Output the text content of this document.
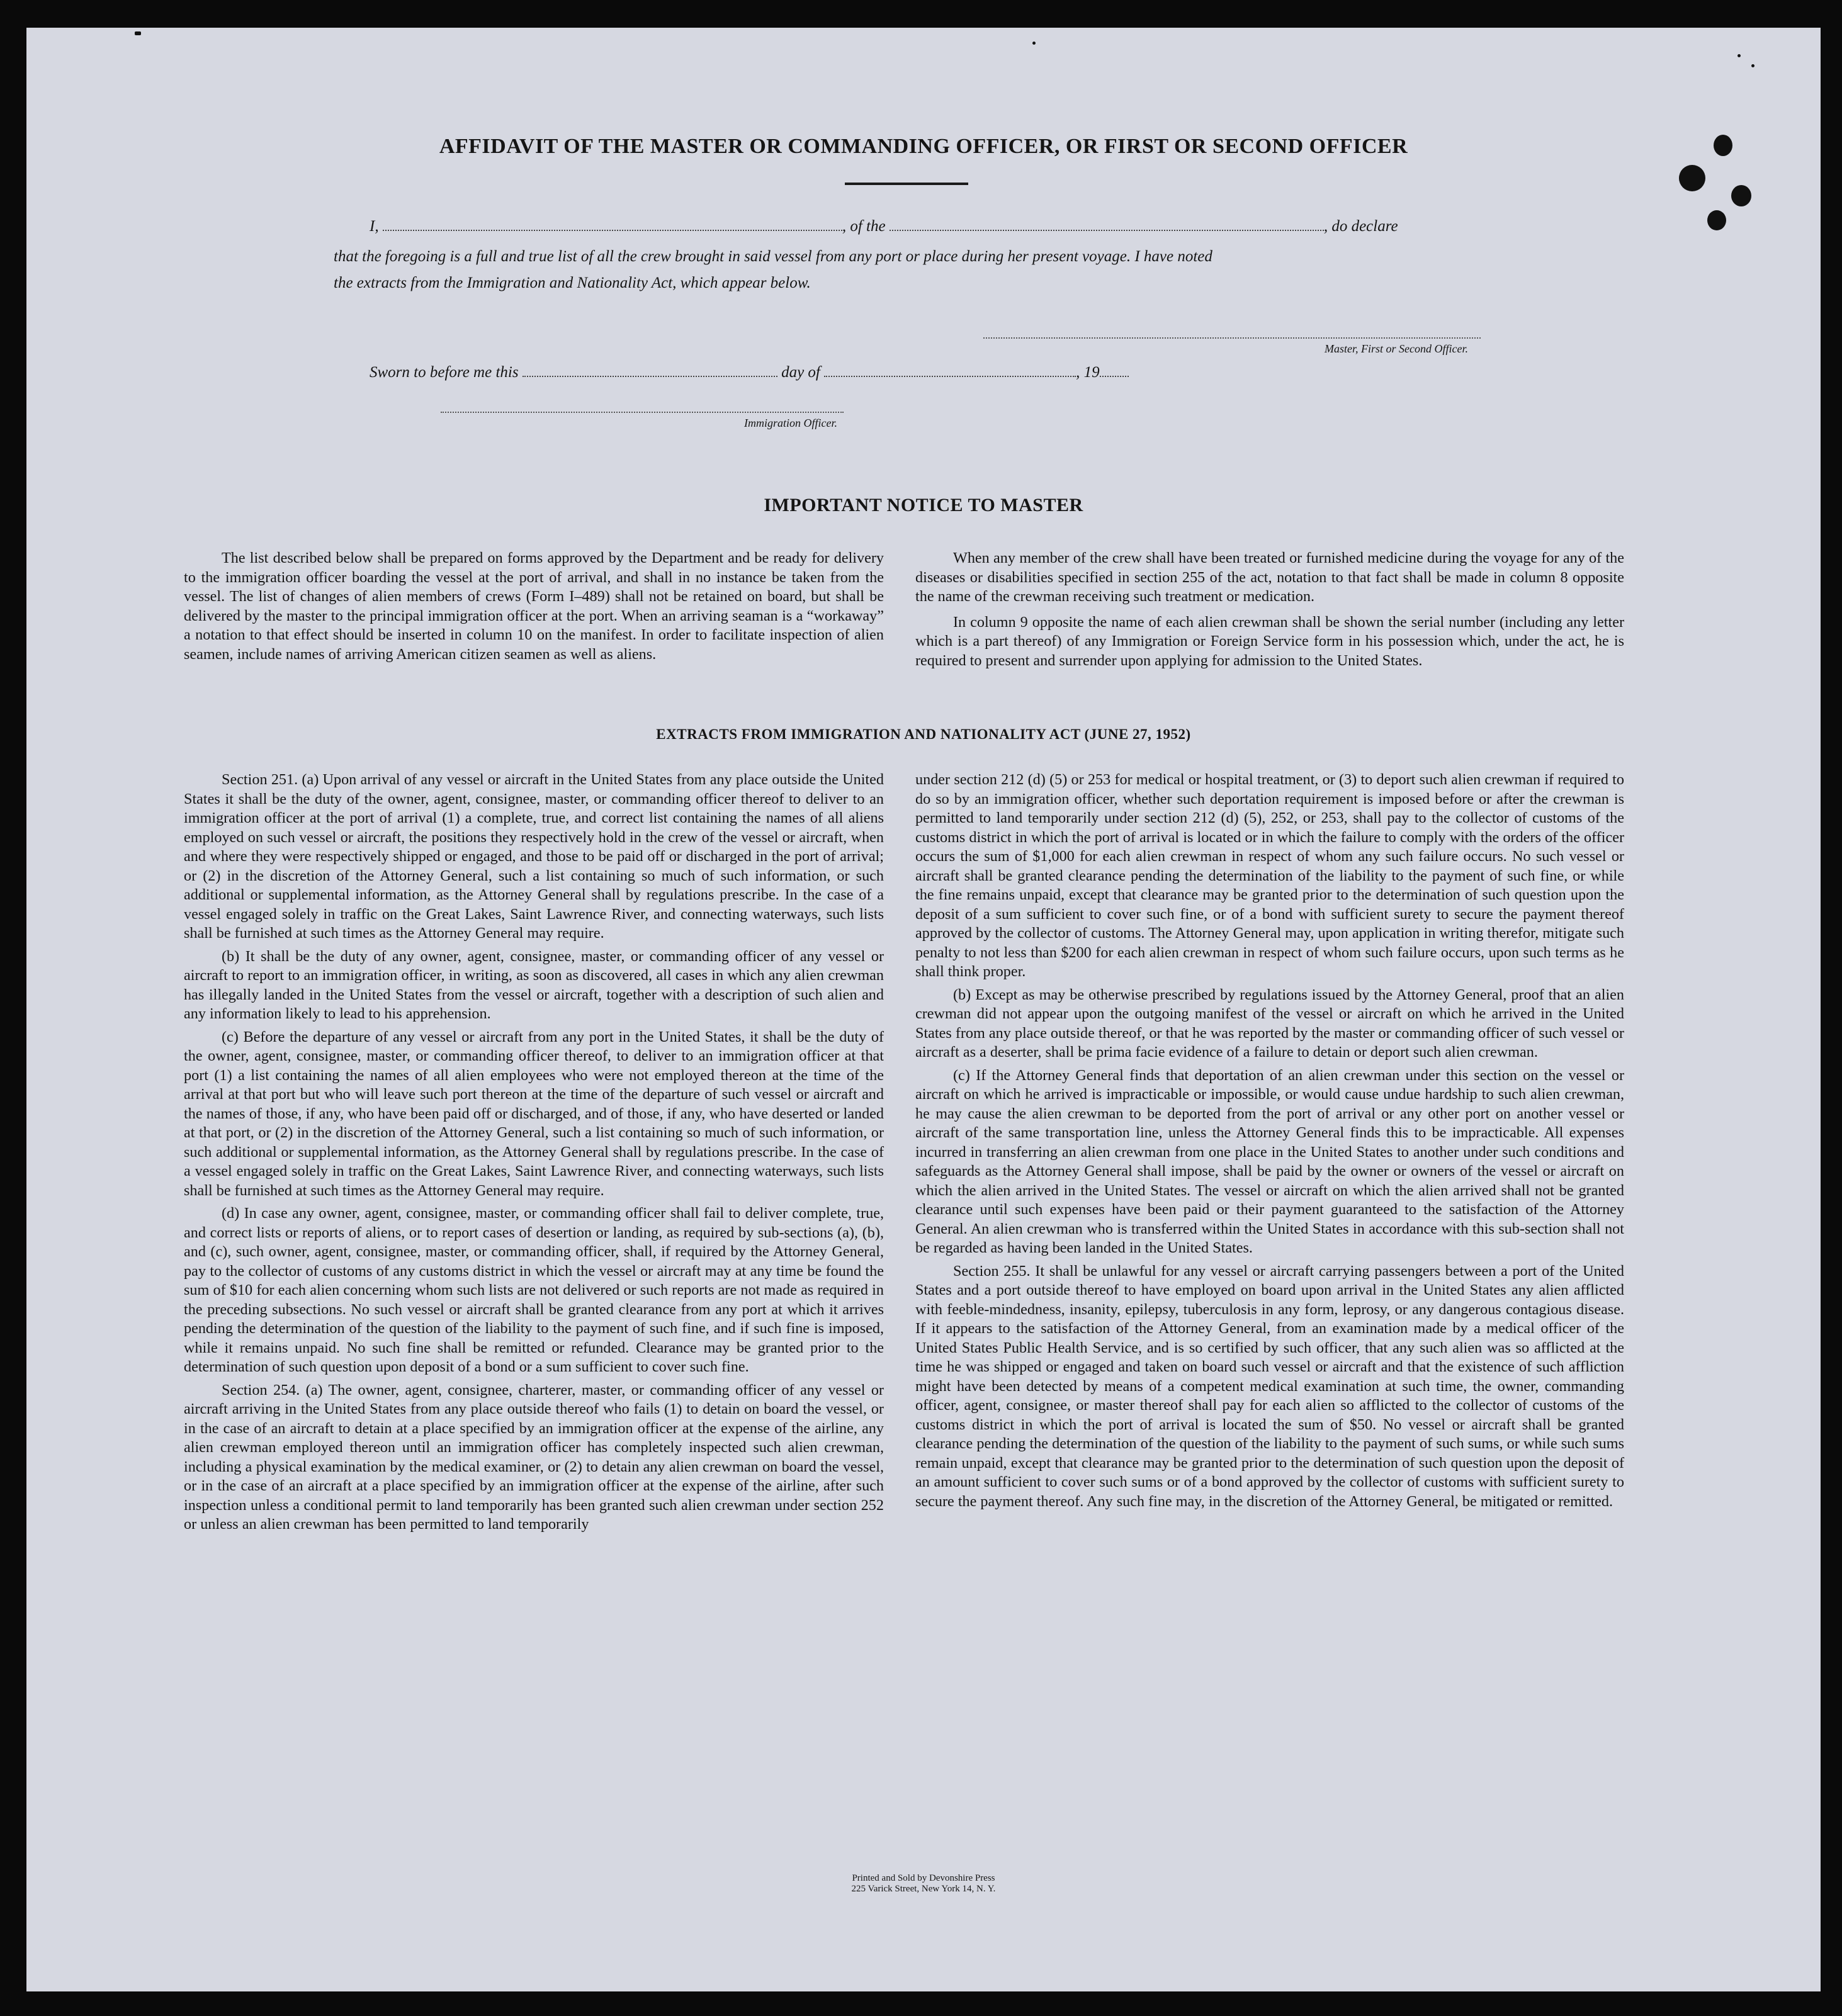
AFFIDAVIT OF THE MASTER OR COMMANDING OFFICER, OR FIRST OR SECOND OFFICER
I,	, of the	, do declare
that the foregoing is a full and true list of all the crew brought in said vessel from any port or place during her present voyage. I have noted
the extracts from the Immigration and Nationality Act, which appear below.
Master, First or Second Officer.
Sworn to before me this	day of	, 19
Immigration Officer.
IMPORTANT NOTICE TO MASTER

The list described below shall be prepared on forms approved by the Department and be ready for delivery to the immigration officer boarding the vessel at the port of arrival, and shall in no instance be taken from the vessel. The list of changes of alien members of crews (Form I–489) shall not be retained on board, but shall be delivered by the master to the principal immigration officer at the port. When an arriving seaman is a “workaway” a notation to that effect should be inserted in column 10 on the manifest. In order to facilitate inspection of alien seamen, include names of arriving American citizen seamen as well as aliens.

When any member of the crew shall have been treated or furnished medicine during the voyage for any of the diseases or disabilities specified in section 255 of the act, notation to that fact shall be made in column 8 opposite the name of the crewman receiving such treatment or medication.

In column 9 opposite the name of each alien crewman shall be shown the serial number (including any letter which is a part thereof) of any Immigration or Foreign Service form in his possession which, under the act, he is required to present and surrender upon applying for admission to the United States.

EXTRACTS FROM IMMIGRATION AND NATIONALITY ACT (JUNE 27, 1952)

Section 251. (a) Upon arrival of any vessel or aircraft in the United States from any place outside the United States it shall be the duty of the owner, agent, consignee, master, or commanding officer thereof to deliver to an immigration officer at the port of arrival (1) a complete, true, and correct list containing the names of all aliens employed on such vessel or aircraft, the positions they respectively hold in the crew of the vessel or aircraft, when and where they were respectively shipped or engaged, and those to be paid off or discharged in the port of arrival; or (2) in the discretion of the Attorney General, such a list containing so much of such information, or such additional or supplemental information, as the Attorney General shall by regulations prescribe. In the case of a vessel engaged solely in traffic on the Great Lakes, Saint Lawrence River, and connecting waterways, such lists shall be furnished at such times as the Attorney General may require.

(b) It shall be the duty of any owner, agent, consignee, master, or commanding officer of any vessel or aircraft to report to an immigration officer, in writing, as soon as discovered, all cases in which any alien crewman has illegally landed in the United States from the vessel or aircraft, together with a description of such alien and any information likely to lead to his apprehension.

(c) Before the departure of any vessel or aircraft from any port in the United States, it shall be the duty of the owner, agent, consignee, master, or commanding officer thereof, to deliver to an immigration officer at that port (1) a list containing the names of all alien employees who were not employed thereon at the time of the arrival at that port but who will leave such port thereon at the time of the departure of such vessel or aircraft and the names of those, if any, who have been paid off or discharged, and of those, if any, who have deserted or landed at that port, or (2) in the discretion of the Attorney General, such a list containing so much of such information, or such additional or supplemental information, as the Attorney General shall by regulations prescribe. In the case of a vessel engaged solely in traffic on the Great Lakes, Saint Lawrence River, and connecting waterways, such lists shall be furnished at such times as the Attorney General may require.

(d) In case any owner, agent, consignee, master, or commanding officer shall fail to deliver complete, true, and correct lists or reports of aliens, or to report cases of desertion or landing, as required by sub-sections (a), (b), and (c), such owner, agent, consignee, master, or commanding officer, shall, if required by the Attorney General, pay to the collector of customs of any customs district in which the vessel or aircraft may at any time be found the sum of $10 for each alien concerning whom such lists are not delivered or such reports are not made as required in the preceding subsections. No such vessel or aircraft shall be granted clearance from any port at which it arrives pending the determination of the question of the liability to the payment of such fine, and if such fine is imposed, while it remains unpaid. No such fine shall be remitted or refunded. Clearance may be granted prior to the determination of such question upon deposit of a bond or a sum sufficient to cover such fine.

Section 254. (a) The owner, agent, consignee, charterer, master, or commanding officer of any vessel or aircraft arriving in the United States from any place outside thereof who fails (1) to detain on board the vessel, or in the case of an aircraft to detain at a place specified by an immigration officer at the expense of the airline, any alien crewman employed thereon until an immigration officer has completely inspected such alien crewman, including a physical examination by the medical examiner, or (2) to detain any alien crewman on board the vessel, or in the case of an aircraft at a place specified by an immigration officer at the expense of the airline, after such inspection unless a conditional permit to land temporarily has been granted such alien crewman under section 252 or unless an alien crewman has been permitted to land temporarily

under section 212 (d) (5) or 253 for medical or hospital treatment, or (3) to deport such alien crewman if required to do so by an immigration officer, whether such deportation requirement is imposed before or after the crewman is permitted to land temporarily under section 212 (d) (5), 252, or 253, shall pay to the collector of customs of the customs district in which the port of arrival is located or in which the failure to comply with the orders of the officer occurs the sum of $1,000 for each alien crewman in respect of whom any such failure occurs. No such vessel or aircraft shall be granted clearance pending the determination of the liability to the payment of such fine, or while the fine remains unpaid, except that clearance may be granted prior to the determination of such question upon the deposit of a sum sufficient to cover such fine, or of a bond with sufficient surety to secure the payment thereof approved by the collector of customs. The Attorney General may, upon application in writing therefor, mitigate such penalty to not less than $200 for each alien crewman in respect of whom such failure occurs, upon such terms as he shall think proper.

(b) Except as may be otherwise prescribed by regulations issued by the Attorney General, proof that an alien crewman did not appear upon the outgoing manifest of the vessel or aircraft on which he arrived in the United States from any place outside thereof, or that he was reported by the master or commanding officer of such vessel or aircraft as a deserter, shall be prima facie evidence of a failure to detain or deport such alien crewman.

(c) If the Attorney General finds that deportation of an alien crewman under this section on the vessel or aircraft on which he arrived is impracticable or impossible, or would cause undue hardship to such alien crewman, he may cause the alien crewman to be deported from the port of arrival or any other port on another vessel or aircraft of the same transportation line, unless the Attorney General finds this to be impracticable. All expenses incurred in transferring an alien crewman from one place in the United States to another under such conditions and safeguards as the Attorney General shall impose, shall be paid by the owner or owners of the vessel or aircraft on which the alien arrived in the United States. The vessel or aircraft on which the alien arrived shall not be granted clearance until such expenses have been paid or their payment guaranteed to the satisfaction of the Attorney General. An alien crewman who is transferred within the United States in accordance with this sub-section shall not be regarded as having been landed in the United States.

Section 255. It shall be unlawful for any vessel or aircraft carrying passengers between a port of the United States and a port outside thereof to have employed on board upon arrival in the United States any alien afflicted with feeble-mindedness, insanity, epilepsy, tuberculosis in any form, leprosy, or any dangerous contagious disease. If it appears to the satisfaction of the Attorney General, from an examination made by a medical officer of the United States Public Health Service, and is so certified by such officer, that any such alien was so afflicted at the time he was shipped or engaged and taken on board such vessel or aircraft and that the existence of such affliction might have been detected by means of a competent medical examination at such time, the owner, commanding officer, agent, consignee, or master thereof shall pay for each alien so afflicted to the collector of customs of the customs district in which the port of arrival is located the sum of $50. No vessel or aircraft shall be granted clearance pending the determination of the question of the liability to the payment of such sums, or while such sums remain unpaid, except that clearance may be granted prior to the determination of such question upon the deposit of an amount sufficient to cover such sums or of a bond approved by the collector of customs with sufficient surety to secure the payment thereof. Any such fine may, in the discretion of the Attorney General, be mitigated or remitted.

Printed and Sold by Devonshire Press
225 Varick Street, New York 14, N. Y.
